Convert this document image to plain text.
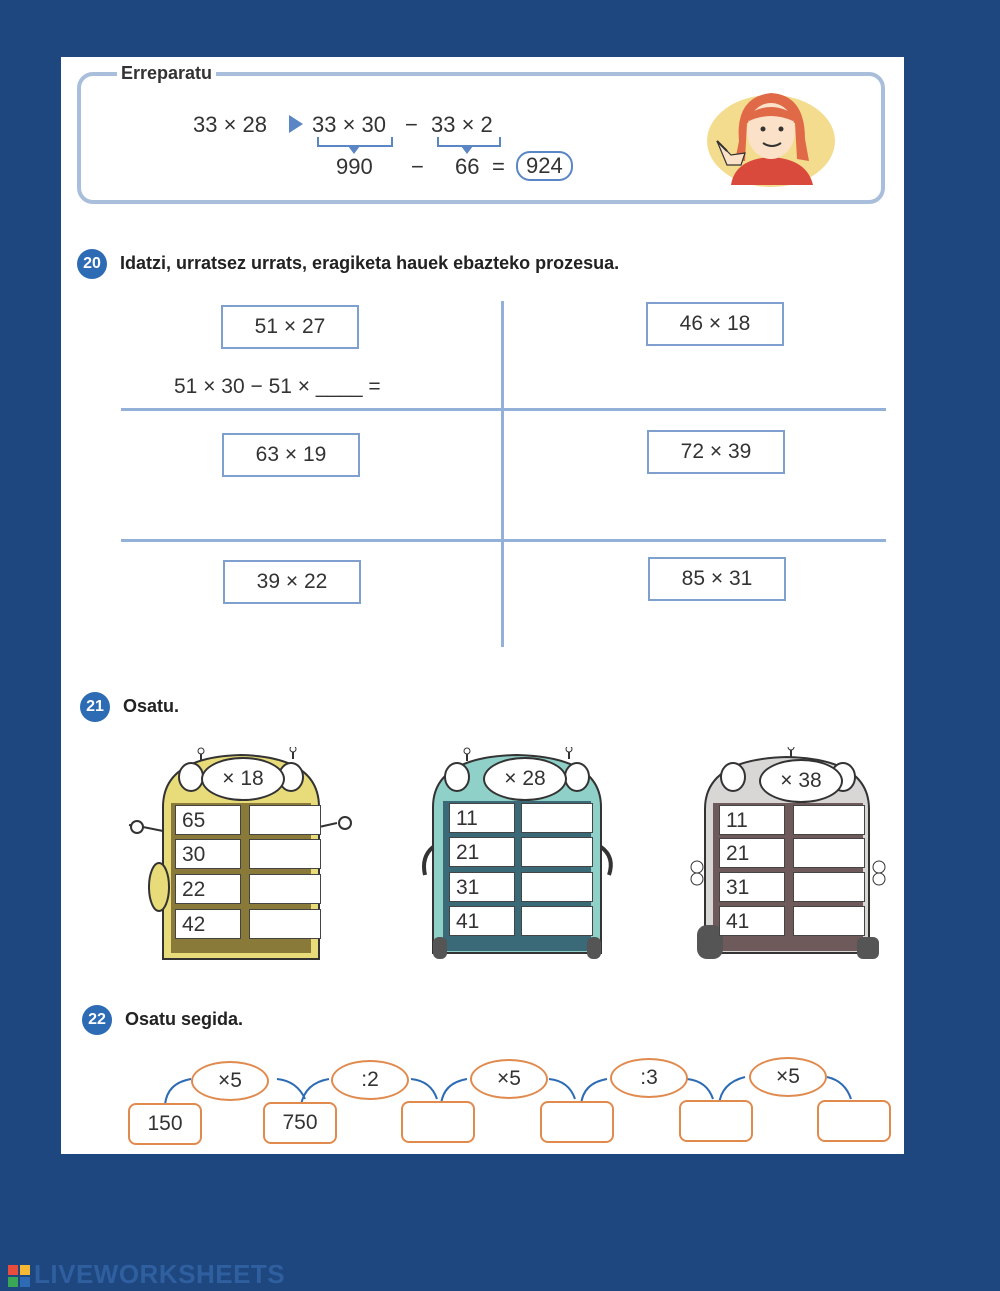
Erreparatu
33 × 28 33 × 30 − 33 × 2
990 − 66 = 924
20	Idatzi, urratsez urrats, eragiketa hauek ebazteko prozesua.
51 × 27	46 × 18
51 × 30 − 51 × ____ =
63 × 19	72 × 39
39 × 22	85 × 31
21	Osatu.
× 18
65
30
22
42
× 28
11
21
31
41
× 38
11
21
31
41
22	Osatu segida.
×5	:2	×5	:3	×5
150	750
LIVEWORKSHEETS
